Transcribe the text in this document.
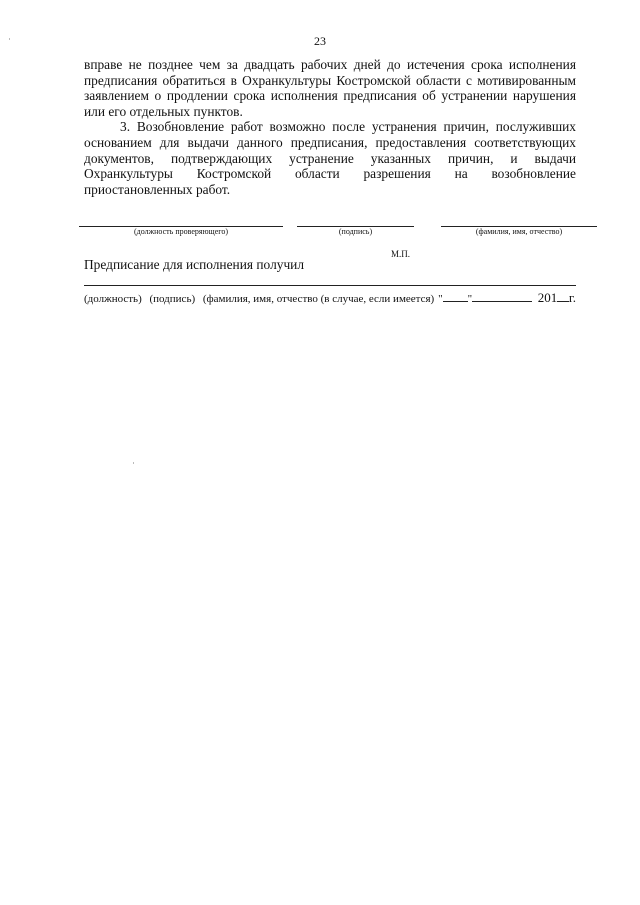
23

вправе не позднее чем за двадцать рабочих дней до истечения срока исполнения предписания обратиться в Охранкультуры Костромской области с мотивированным заявлением о продлении срока исполнения предписания об устранении нарушения или его отдельных пунктов.

3. Возобновление работ возможно после устранения причин, послуживших основанием для выдачи данного предписания, предоставления соответствующих документов, подтверждающих устранение указанных причин, и выдачи Охранкультуры Костромской области разрешения на возобновление приостановленных работ.

(должность проверяющего)	(подпись)	(фамилия, имя, отчество)
М.П.
Предписание для исполнения получил
(должность) (подпись) (фамилия, имя, отчество (в случае, если имеется) " "	201 г.
